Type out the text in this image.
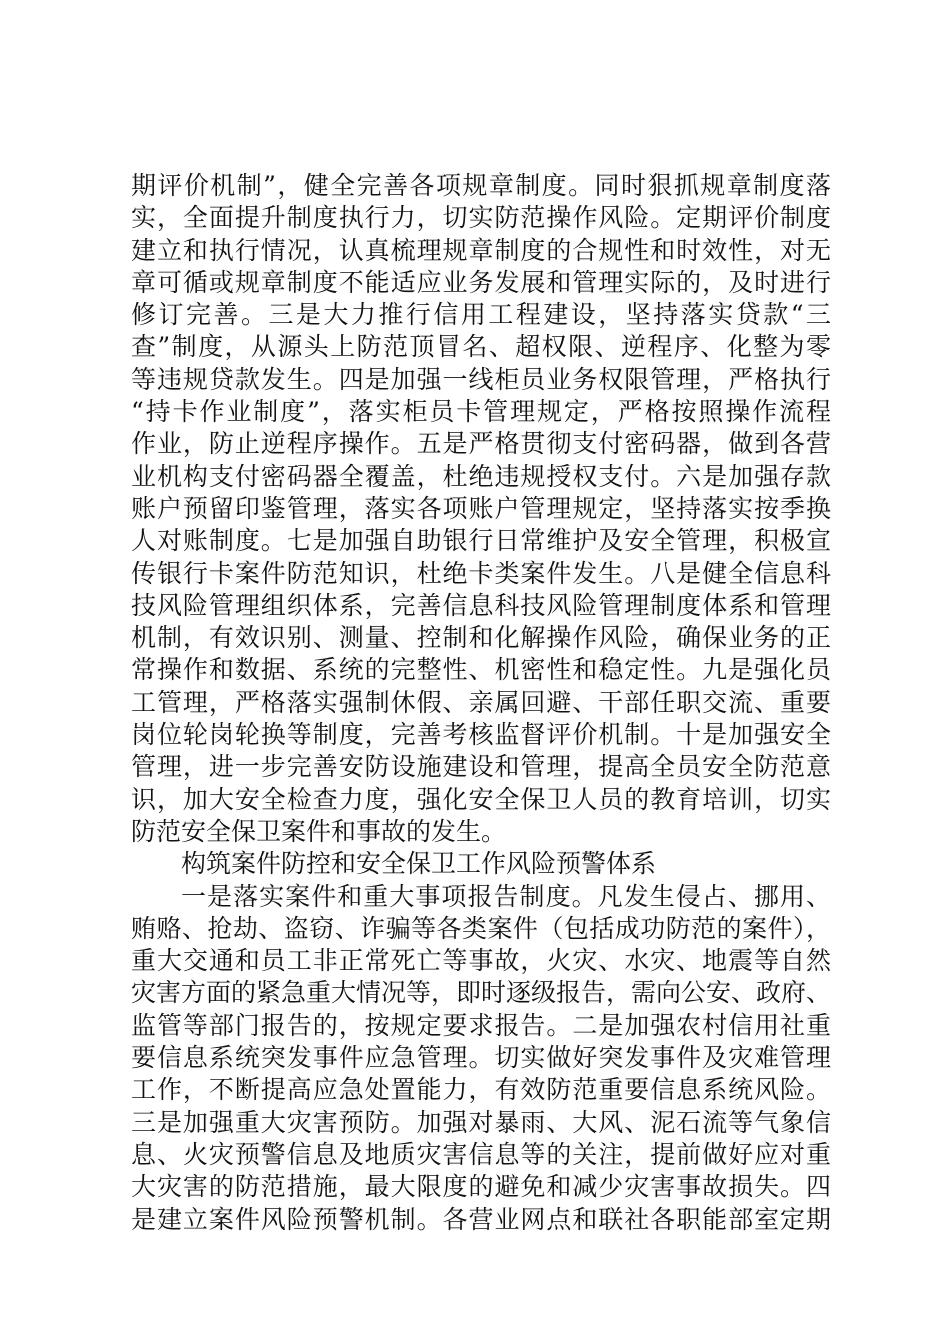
期评价机制”，健全完善各项规章制度。同时狠抓规章制度落
实，全面提升制度执行力，切实防范操作风险。定期评价制度
建立和执行情况，认真梳理规章制度的合规性和时效性，对无
章可循或规章制度不能适应业务发展和管理实际的，及时进行
修订完善。三是大力推行信用工程建设，坚持落实贷款“三
查”制度，从源头上防范顶冒名、超权限、逆程序、化整为零
等违规贷款发生。四是加强一线柜员业务权限管理，严格执行
“持卡作业制度”，落实柜员卡管理规定，严格按照操作流程
作业，防止逆程序操作。五是严格贯彻支付密码器，做到各营
业机构支付密码器全覆盖，杜绝违规授权支付。六是加强存款
账户预留印鉴管理，落实各项账户管理规定，坚持落实按季换
人对账制度。七是加强自助银行日常维护及安全管理，积极宣
传银行卡案件防范知识，杜绝卡类案件发生。八是健全信息科
技风险管理组织体系，完善信息科技风险管理制度体系和管理
机制，有效识别、测量、控制和化解操作风险，确保业务的正
常操作和数据、系统的完整性、机密性和稳定性。九是强化员
工管理，严格落实强制休假、亲属回避、干部任职交流、重要
岗位轮岗轮换等制度，完善考核监督评价机制。十是加强安全
管理，进一步完善安防设施建设和管理，提高全员安全防范意
识，加大安全检查力度，强化安全保卫人员的教育培训，切实
防范安全保卫案件和事故的发生。
构筑案件防控和安全保卫工作风险预警体系
一是落实案件和重大事项报告制度。凡发生侵占、挪用、
贿赂、抢劫、盗窃、诈骗等各类案件（包括成功防范的案件），
重大交通和员工非正常死亡等事故，火灾、水灾、地震等自然
灾害方面的紧急重大情况等，即时逐级报告，需向公安、政府、
监管等部门报告的，按规定要求报告。二是加强农村信用社重
要信息系统突发事件应急管理。切实做好突发事件及灾难管理
工作，不断提高应急处置能力，有效防范重要信息系统风险。
三是加强重大灾害预防。加强对暴雨、大风、泥石流等气象信
息、火灾预警信息及地质灾害信息等的关注，提前做好应对重
大灾害的防范措施，最大限度的避免和减少灾害事故损失。四
是建立案件风险预警机制。各营业网点和联社各职能部室定期
